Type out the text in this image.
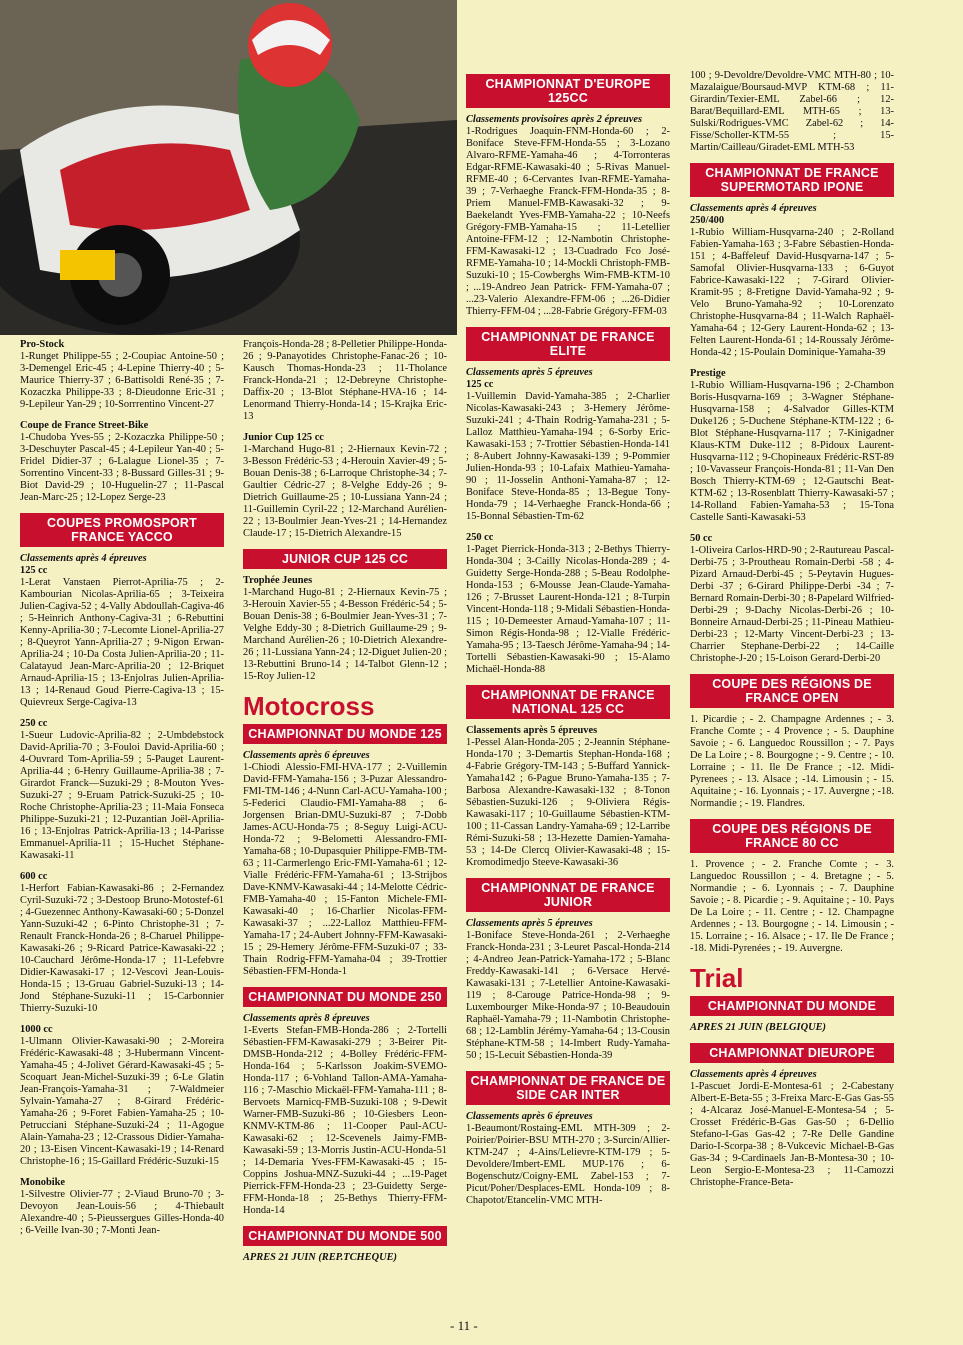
Pro-Stock
1-Runget Philippe-55 ; 2-Coupiac Antoine-50 ; 3-Demengel Eric-45 ; 4-Lepine Thierry-40 ; 5-Maurice Thierry-37 ; 6-Battisoldi René-35 ; 7-Kozaczka Philippe-33 ; 8-Dieudonne Eric-31 ; 9-Lepileur Yan-29 ; 10-Sorrrentino Vincent-27

Coupe de France Street-Bike
1-Chudoba Yves-55 ; 2-Kozaczka Philippe-50 ; 3-Deschuyter Pascal-45 ; 4-Lepileur Yan-40 ; 5-Fridel Didier-37 ; 6-Lalague Lionel-35 ; 7-Sorrentino Vincent-33 ; 8-Bussard Gilles-31 ; 9-Biot David-29 ; 10-Huguelin-27 ; 11-Pascal Jean-Marc-25 ; 12-Lopez Serge-23

COUPES PROMOSPORT FRANCE YACCO

Classements après 4 épreuves
125 cc
1-Lerat Vanstaen Pierrot-Aprilia-75 ; 2-Kambourian Nicolas-Aprilia-65 ; 3-Teixeira Julien-Cagiva-52 ; 4-Vally Abdoullah-Cagiva-46 ; 5-Heinrich Anthony-Cagiva-31 ; 6-Rebuttini Kenny-Aprilia-30 ; 7-Lecomte Lionel-Aprilia-27 ; 8-Queyrot Yann-Aprilia-27 ; 9-Nigon Erwan-Aprilia-24 ; 10-Da Costa Julien-Aprilia-20 ; 11-Calatayud Jean-Marc-Aprilia-20 ; 12-Briquet Arnaud-Aprilia-15 ; 13-Enjolras Julien-Aprilia-13 ; 14-Renaud Goud Pierre-Cagiva-13 ; 15-Quievreux Serge-Cagiva-13

250 cc
1-Sueur Ludovic-Aprilia-82 ; 2-Umbdebstock David-Aprilia-70 ; 3-Fouloi David-Aprilia-60 ; 4-Ouvrard Tom-Aprilia-59 ; 5-Pauget Laurent-Aprilia-44 ; 6-Henry Guillaume-Aprilia-38 ; 7-Girardot Franck—Suzuki-29 ; 8-Mouton Yves-Suzuki-27 ; 9-Eruam Patrick-Suzuki-25 ; 10-Roche Christophe-Aprilia-23 ; 11-Maia Fonseca Philippe-Suzuki-21 ; 12-Puzantian Joël-Aprilia-16 ; 13-Enjolras Patrick-Aprilia-13 ; 14-Parisse Emmanuel-Aprilia-11 ; 15-Huchet Stéphane-Kawasaki-11

600 cc
1-Herfort Fabian-Kawasaki-86 ; 2-Fernandez Cyril-Suzuki-72 ; 3-Destoop Bruno-Motostef-61 ; 4-Guezennec Anthony-Kawasaki-60 ; 5-Donzel Yann-Suzuki-42 ; 6-Pinto Christophe-31 ; 7-Renault Franck-Honda-26 ; 8-Charuel Philippe-Kawasaki-26 ; 9-Ricard Patrice-Kawasaki-22 ; 10-Cauchard Jérôme-Honda-17 ; 11-Lefebvre Didier-Kawasaki-17 ; 12-Vescovi Jean-Louis-Honda-15 ; 13-Gruau Gabriel-Suzuki-13 ; 14-Jond Stéphane-Suzuki-11 ; 15-Carbonnier Thierry-Suzuki-10

1000 cc
1-Ulmann Olivier-Kawasaki-90 ; 2-Moreira Frédéric-Kawasaki-48 ; 3-Hubermann Vincent-Yamaha-45 ; 4-Jolivet Gérard-Kawasaki-45 ; 5-Scoquart Jean-Michel-Suzuki-39 ; 6-Le Glatin Jean-François-Yamaha-31 ; 7-Waldmeier Sylvain-Yamaha-27 ; 8-Girard Frédéric-Yamaha-26 ; 9-Foret Fabien-Yamaha-25 ; 10-Petrucciani Stéphane-Suzuki-24 ; 11-Agogue Alain-Yamaha-23 ; 12-Crassous Didier-Yamaha-20 ; 13-Eisen Vincent-Kawasaki-19 ; 14-Renard Christophe-16 ; 15-Gaillard Frédéric-Suzuki-15

Monobike
1-Silvestre Olivier-77 ; 2-Viaud Bruno-70 ; 3-Devoyon Jean-Louis-56 ; 4-Thiebault Alexandre-40 ; 5-Pieussergues Gilles-Honda-40 ; 6-Veille Ivan-30 ; 7-Monti Jean-

François-Honda-28 ; 8-Pelletier Philippe-Honda-26 ; 9-Panayotides Christophe-Fanac-26 ; 10-Kausch Thomas-Honda-23 ; 11-Tholance Franck-Honda-21 ; 12-Debreyne Christophe-Daffix-20 ; 13-Blot Stéphane-HVA-16 ; 14-Lenormand Thierry-Honda-14 ; 15-Krajka Eric-13

Junior Cup 125 cc
1-Marchand Hugo-81 ; 2-Hiernaux Kevin-72 ; 3-Besson Frédéric-53 ; 4-Herouin Xavier-49 ; 5-Bouan Denis-38 ; 6-Larroque Christophe-34 ; 7-Gaultier Cédric-27 ; 8-Velghe Eddy-26 ; 9-Dietrich Guillaume-25 ; 10-Lussiana Yann-24 ; 11-Guillemin Cyril-22 ; 12-Marchand Aurélien-22 ; 13-Boulmier Jean-Yves-21 ; 14-Hernandez Claude-17 ; 15-Dietrich Alexandre-15

JUNIOR CUP 125 CC

Trophée Jeunes
1-Marchand Hugo-81 ; 2-Hiernaux Kevin-75 ; 3-Herouin Xavier-55 ; 4-Besson Frédéric-54 ; 5-Bouan Denis-38 ; 6-Boulmier Jean-Yves-31 ; 7-Velghe Eddy-30 ; 8-Dietrich Guillaume-29 ; 9-Marchand Aurélien-26 ; 10-Dietrich Alexandre-26 ; 11-Lussiana Yann-24 ; 12-Diguet Julien-20 ; 13-Rebuttini Bruno-14 ; 14-Talbot Glenn-12 ; 15-Roy Julien-12

Motocross
CHAMPIONNAT DU MONDE 125

Classements après 6 épreuves
1-Chiodi Alessio-FMI-HVA-177 ; 2-Vuillemin David-FFM-Yamaha-156 ; 3-Puzar Alessandro-FMI-TM-146 ; 4-Nunn Carl-ACU-Yamaha-100 ; 5-Federici Claudio-FMI-Yamaha-88 ; 6-Jorgensen Brian-DMU-Suzuki-87 ; 7-Dobb James-ACU-Honda-75 ; 8-Seguy Luigi-ACU-Honda-72 ; 9-Belometti Alessandro-FMI-Yamaha-68 ; 10-Dupasquier Philippe-FMB-TM-63 ; 11-Carmerlengo Eric-FMI-Yamaha-61 ; 12-Vialle Frédéric-FFM-Yamaha-61 ; 13-Strijbos Dave-KNMV-Kawasaki-44 ; 14-Melotte Cédric-FMB-Yamaha-40 ; 15-Fanton Michele-FMI-Kawasaki-40 ; 16-Charlier Nicolas-FFM-Kawasaki-37 ; ...22-Lalloz Matthieu-FFM-Yamaha-17 ; 24-Aubert Johnny-FFM-Kawasaki-15 ; 29-Hemery Jérôme-FFM-Suzuki-07 ; 33-Thain Rodrig-FFM-Yamaha-04 ; 39-Trottier Sébastien-FFM-Honda-1

CHAMPIONNAT DU MONDE 250

Classements après 8 épreuves
1-Everts Stefan-FMB-Honda-286 ; 2-Tortelli Sébastien-FFM-Kawasaki-279 ; 3-Beirer Pit-DMSB-Honda-212 ; 4-Bolley Frédéric-FFM-Honda-164 ; 5-Karlsson Joakim-SVEMO-Honda-117 ; 6-Vohland Tallon-AMA-Yamaha-116 ; 7-Maschio Mickaël-FFM-Yamaha-111 ; 8-Bervoets Marnicq-FMB-Suzuki-108 ; 9-Dewit Warner-FMB-Suzuki-86 ; 10-Giesbers Leon-KNMV-KTM-86 ; 11-Cooper Paul-ACU-Kawasaki-62 ; 12-Scevenels Jaimy-FMB-Kawasaki-59 ; 13-Morris Justin-ACU-Honda-51 ; 14-Demaria Yves-FFM-Kawasaki-45 ; 15-Coppins Joshua-MNZ-Suzuki-44 ; ...19-Paget Pierrick-FFM-Honda-23 ; 23-Guidetty Serge-FFM-Honda-18 ; 25-Bethys Thierry-FFM-Honda-14

CHAMPIONNAT DU MONDE 500

APRES 21 JUIN (REP.TCHEQUE)

CHAMPIONNAT D'EUROPE 125CC

Classements provisoires après 2 épreuves
1-Rodrigues Joaquin-FNM-Honda-60 ; 2-Boniface Steve-FFM-Honda-55 ; 3-Lozano Alvaro-RFME-Yamaha-46 ; 4-Torronteras Edgar-RFME-Kawasaki-40 ; 5-Rivas Manuel-RFME-40 ; 6-Cervantes Ivan-RFME-Yamaha-39 ; 7-Verhaeghe Franck-FFM-Honda-35 ; 8-Priem Manuel-FMB-Kawasaki-32 ; 9-Baekelandt Yves-FMB-Yamaha-22 ; 10-Neefs Grégory-FMB-Yamaha-15 ; 11-Letellier Antoine-FFM-12 ; 12-Nambotin Christophe-FFM-Kawasaki-12 ; 13-Cuadrado Fco José-RFME-Yamaha-10 ; 14-Mockli Christoph-FMB-Suzuki-10 ; 15-Cowberghs Wim-FMB-KTM-10 ; ...19-Andreo Jean Patrick- FFM-Yamaha-07 ; ...23-Valerio Alexandre-FFM-06 ; ...26-Didier Thierry-FFM-04 ; ...28-Fabrie Grégory-FFM-03

CHAMPIONNAT DE FRANCE ELITE

Classements après 5 épreuves
125 cc
1-Vuillemin David-Yamaha-385 ; 2-Charlier Nicolas-Kawasaki-243 ; 3-Hemery Jérôme-Suzuki-241 ; 4-Thain Rodrig-Yamaha-231 ; 5-Lalloz Matthieu-Yamaha-194 ; 6-Sorby Eric-Kawasaki-153 ; 7-Trottier Sébastien-Honda-141 ; 8-Aubert Johnny-Kawasaki-139 ; 9-Pommier Julien-Honda-93 ; 10-Lafaix Mathieu-Yamaha-90 ; 11-Josselin Anthoni-Yamaha-87 ; 12-Boniface Steve-Honda-85 ; 13-Begue Tony-Honda-79 ; 14-Verhaeghe Franck-Honda-66 ; 15-Bonnal Sébastien-Tm-62

250 cc
1-Paget Pierrick-Honda-313 ; 2-Bethys Thierry-Honda-304 ; 3-Cailly Nicolas-Honda-289 ; 4-Guidetty Serge-Honda-288 ; 5-Beau Rodolphe-Honda-153 ; 6-Mousse Jean-Claude-Yamaha-126 ; 7-Brusset Laurent-Honda-121 ; 8-Turpin Vincent-Honda-118 ; 9-Midali Sébastien-Honda-115 ; 10-Demeester Arnaud-Yamaha-107 ; 11-Simon Régis-Honda-98 ; 12-Vialle Frédéric-Yamaha-95 ; 13-Taesch Jérôme-Yamaha-94 ; 14-Tortelli Sébastien-Kawasaki-90 ; 15-Alamo Michaël-Honda-88

CHAMPIONNAT DE FRANCE NATIONAL 125 CC

Classements après 5 épreuves
1-Pessel Alan-Honda-205 ; 2-Jeannin Stéphane-Honda-170 ; 3-Demartis Stephan-Honda-168 ; 4-Fabrie Grégory-TM-143 ; 5-Buffard Yannick-Yamaha142 ; 6-Pague Bruno-Yamaha-135 ; 7-Barbosa Alexandre-Kawasaki-132 ; 8-Tonon Sébastien-Suzuki-126 ; 9-Oliviera Régis-Kawasaki-117 ; 10-Guillaume Sébastien-KTM-100 ; 11-Cassan Landry-Yamaha-69 ; 12-Larribe Rémi-Suzuki-58 ; 13-Hezette Damien-Yamaha-53 ; 14-De Clercq Olivier-Kawasaki-48 ; 15-Kromodimedjo Steeve-Kawasaki-36

CHAMPIONNAT DE FRANCE JUNIOR

Classements après 5 épreuves
1-Boniface Steve-Honda-261 ; 2-Verhaeghe Franck-Honda-231 ; 3-Leuret Pascal-Honda-214 ; 4-Andreo Jean-Patrick-Yamaha-172 ; 5-Blanc Freddy-Kawasaki-141 ; 6-Versace Hervé-Kawasaki-131 ; 7-Letellier Antoine-Kawasaki-119 ; 8-Carouge Patrice-Honda-98 ; 9-Luxembourger Mike-Honda-97 ; 10-Beaudouin Raphaël-Yamaha-79 ; 11-Nambotin Christophe-68 ; 12-Lamblin Jérémy-Yamaha-64 ; 13-Cousin Stéphane-KTM-58 ; 14-Imbert Rudy-Yamaha-50 ; 15-Lecuit Sébastien-Honda-39

CHAMPIONNAT DE FRANCE DE SIDE CAR INTER

Classements après 6 épreuves
1-Beaumont/Rostaing-EML MTH-309 ; 2-Poirier/Poirier-BSU MTH-270 ; 3-Surcin/Allier-KTM-247 ; 4-Ains/Lelievre-KTM-179 ; 5-Devoldere/Imbert-EML MUP-176 ; 6-Bogenschutz/Coigny-EML Zabel-153 ; 7-Picut/Poher/Desplaces-EML Honda-109 ; 8-Chapotot/Etancelin-VMC MTH-

100 ; 9-Devoldre/Devoldre-VMC MTH-80 ; 10-Mazalaigue/Boursaud-MVP KTM-68 ; 11-Girardin/Texier-EML Zabel-66 ; 12-Barat/Bequillard-EML MTH-65 ; 13-Sulski/Rodrigues-VMC Zabel-62 ; 14-Fisse/Scholler-KTM-55 ; 15-Martin/Cailleau/Giradet-EML MTH-53

CHAMPIONNAT DE FRANCE SUPERMOTARD IPONE

Classements après 4 épreuves
250/400
1-Rubio William-Husqvarna-240 ; 2-Rolland Fabien-Yamaha-163 ; 3-Fabre Sébastien-Honda-151 ; 4-Baffeleuf David-Husqvarna-147 ; 5-Samofal Olivier-Husqvarna-133 ; 6-Guyot Fabrice-Kawasaki-122 ; 7-Girard Olivier-Kramit-95 ; 8-Fretigne David-Yamaha-92 ; 9-Velo Bruno-Yamaha-92 ; 10-Lorenzato Christophe-Husqvarna-84 ; 11-Walch Raphaël-Yamaha-64 ; 12-Gery Laurent-Honda-62 ; 13-Felten Laurent-Honda-61 ; 14-Roussaly Jérôme-Honda-42 ; 15-Poulain Dominique-Yamaha-39

Prestige
1-Rubio William-Husqvarna-196 ; 2-Chambon Boris-Husqvarna-169 ; 3-Wagner Stéphane-Husqvarna-158 ; 4-Salvador Gilles-KTM Duke126 ; 5-Duchene Stéphane-KTM-122 ; 6-Blot Stéphane-Husqvarna-117 ; 7-Kinigadner Klaus-KTM Duke-112 ; 8-Pidoux Laurent-Husqvarna-112 ; 9-Chopineaux Frédéric-RST-89 ; 10-Vavasseur François-Honda-81 ; 11-Van Den Bosch Thierry-KTM-69 ; 12-Gautschi Beat-KTM-62 ; 13-Rosenblatt Thierry-Kawasaki-57 ; 14-Rolland Fabien-Yamaha-53 ; 15-Tona Castelle Santi-Kawasaki-53

50 cc
1-Oliveira Carlos-HRD-90 ; 2-Rautureau Pascal-Derbi-75 ; 3-Proutheau Romain-Derbi -58 ; 4-Pizard Arnaud-Derbi-45 ; 5-Peytavin Hugues-Derbi -37 ; 6-Girard Philippe-Derbi -34 ; 7-Bernard Romain-Derbi-30 ; 8-Papelard Wilfried-Derbi-29 ; 9-Dachy Nicolas-Derbi-26 ; 10-Bonneire Arnaud-Derbi-25 ; 11-Pineau Mathieu-Derbi-23 ; 12-Marty Vincent-Derbi-23 ; 13-Charrier Stephane-Derbi-22 ; 14-Caille Christophe-J-20 ; 15-Loison Gerard-Derbi-20

COUPE DES RÉGIONS DE FRANCE OPEN

1. Picardie ; - 2. Champagne Ardennes ; - 3. Franche Comte ; - 4 Provence ; - 5. Dauphine Savoie ; - 6. Languedoc Roussillon ; - 7. Pays De La Loire ; - 8. Bourgogne ; - 9. Centre ; - 10. Lorraine ; - 11. Ile De France ; -12. Midi-Pyrenees ; - 13. Alsace ; -14. Limousin ; - 15. Aquitaine ; - 16. Lyonnais ; - 17. Auvergne ; -18. Normandie ; - 19. Flandres.

COUPE DES RÉGIONS DE FRANCE 80 CC

1. Provence ; - 2. Franche Comte ; - 3. Languedoc Roussillon ; - 4. Bretagne ; - 5. Normandie ; - 6. Lyonnais ; - 7. Dauphine Savoie ; - 8. Picardie ; - 9. Aquitaine ; - 10. Pays De La Loire ; - 11. Centre ; - 12. Champagne Ardennes ; - 13. Bourgogne ; - 14. Limousin ; - 15. Lorraine ; - 16. Alsace ; - 17. Ile De France ; -18. Midi-Pyrenées ; - 19. Auvergne.

Trial
CHAMPIONNAT DU MONDE

APRES 21 JUIN (BELGIQUE)

CHAMPIONNAT DIEUROPE

Classements après 4 épreuves
1-Pascuet Jordi-E-Montesa-61 ; 2-Cabestany Albert-E-Beta-55 ; 3-Freixa Marc-E-Gas Gas-55 ; 4-Alcaraz José-Manuel-E-Montesa-54 ; 5-Crosset Frédéric-B-Gas Gas-50 ; 6-Dellio Stefano-I-Gas Gas-42 ; 7-Re Delle Gandine Dario-I-Scorpa-38 ; 8-Vukcevic Michael-B-Gas Gas-34 ; 9-Cardinaels Jan-B-Montesa-30 ; 10-Leon Sergio-E-Montesa-23 ; 11-Camozzi Christophe-France-Beta-

- 11 -
